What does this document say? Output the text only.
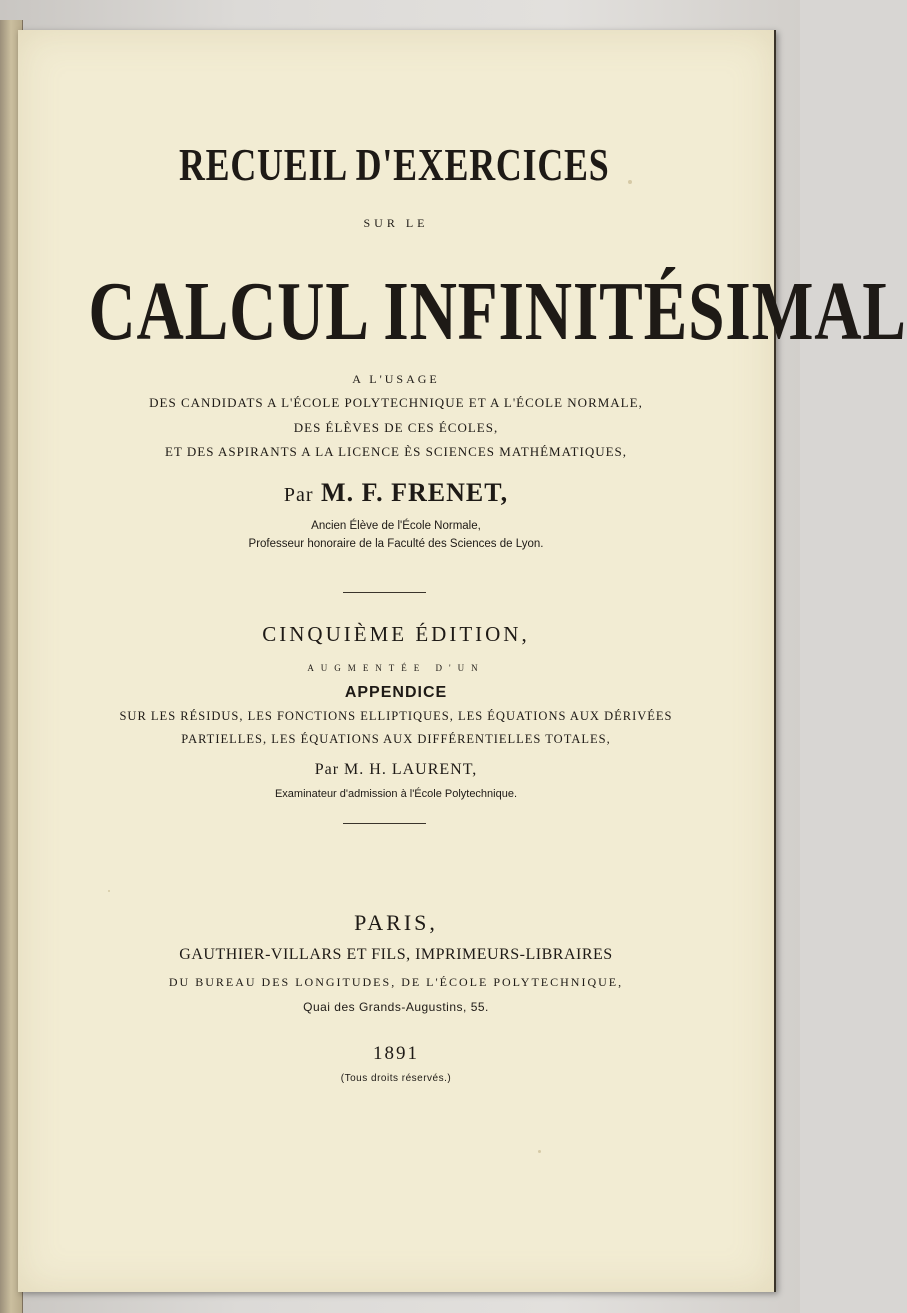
RECUEIL D'EXERCICES
SUR LE
CALCUL INFINITÉSIMAL
A L'USAGE
DES CANDIDATS A L'ÉCOLE POLYTECHNIQUE ET A L'ÉCOLE NORMALE,
DES ÉLÈVES DE CES ÉCOLES,
ET DES ASPIRANTS A LA LICENCE ÈS SCIENCES MATHÉMATIQUES,
Par M. F. FRENET,
Ancien Élève de l'École Normale,
Professeur honoraire de la Faculté des Sciences de Lyon.
CINQUIÈME ÉDITION,
AUGMENTÉE D'UN
APPENDICE
SUR LES RÉSIDUS, LES FONCTIONS ELLIPTIQUES, LES ÉQUATIONS AUX DÉRIVÉES
PARTIELLES, LES ÉQUATIONS AUX DIFFÉRENTIELLES TOTALES,
Par M. H. LAURENT,
Examinateur d'admission à l'École Polytechnique.
PARIS,
GAUTHIER-VILLARS ET FILS, IMPRIMEURS-LIBRAIRES
DU BUREAU DES LONGITUDES, DE L'ÉCOLE POLYTECHNIQUE,
Quai des Grands-Augustins, 55.
1891
(Tous droits réservés.)
